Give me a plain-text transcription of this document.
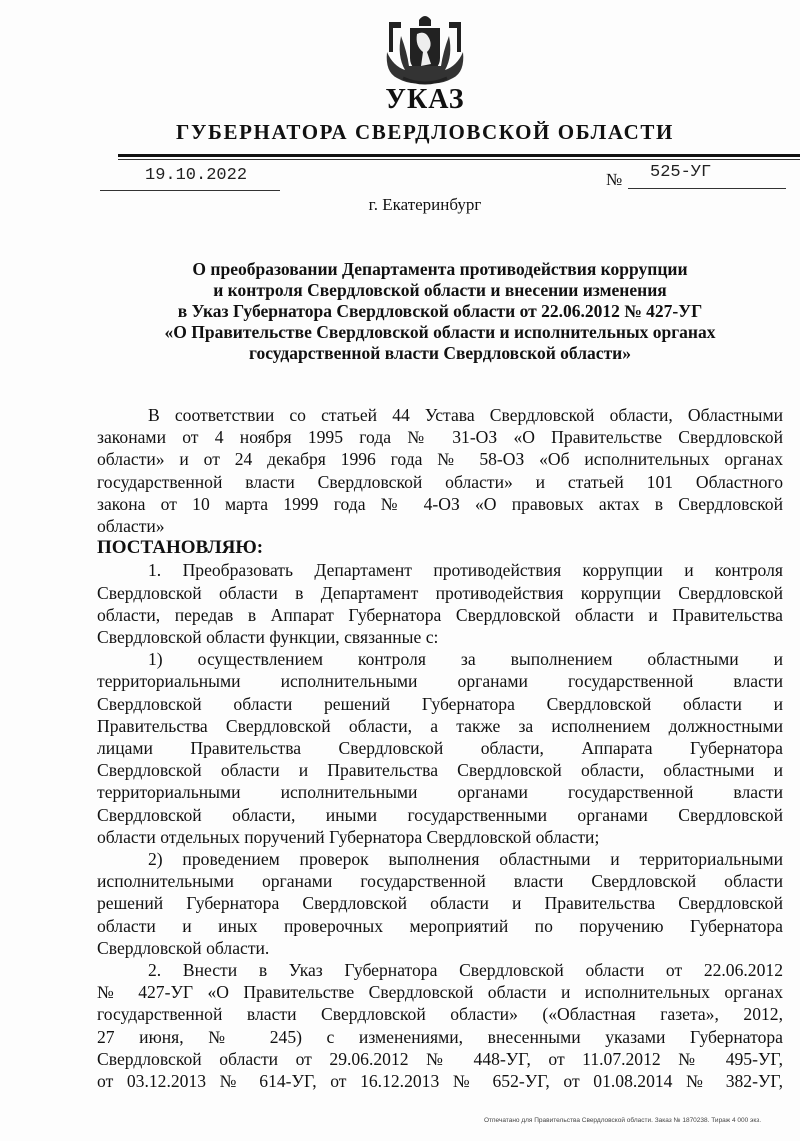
УКАЗ
ГУБЕРНАТОРА СВЕРДЛОВСКОЙ ОБЛАСТИ
19.10.2022	№ 525-УГ
г. Екатеринбург
О преобразовании Департамента противодействия коррупции
и контроля Свердловской области и внесении изменения
в Указ Губернатора Свердловской области от 22.06.2012 № 427-УГ
«О Правительстве Свердловской области и исполнительных органах
государственной власти Свердловской области»
В соответствии со статьей 44 Устава Свердловской области, Областными
законами от 4 ноября 1995 года № 31-ОЗ «О Правительстве Свердловской
области» и от 24 декабря 1996 года № 58-ОЗ «Об исполнительных органах
государственной власти Свердловской области» и статьей 101 Областного
закона от 10 марта 1999 года № 4-ОЗ «О правовых актах в Свердловской
области»
ПОСТАНОВЛЯЮ:
1. Преобразовать Департамент противодействия коррупции и контроля
Свердловской области в Департамент противодействия коррупции Свердловской
области, передав в Аппарат Губернатора Свердловской области и Правительства
Свердловской области функции, связанные с:
1) осуществлением контроля за выполнением областными и
территориальными исполнительными органами государственной власти
Свердловской области решений Губернатора Свердловской области и
Правительства Свердловской области, а также за исполнением должностными
лицами Правительства Свердловской области, Аппарата Губернатора
Свердловской области и Правительства Свердловской области, областными и
территориальными исполнительными органами государственной власти
Свердловской области, иными государственными органами Свердловской
области отдельных поручений Губернатора Свердловской области;
2) проведением проверок выполнения областными и территориальными
исполнительными органами государственной власти Свердловской области
решений Губернатора Свердловской области и Правительства Свердловской
области и иных проверочных мероприятий по поручению Губернатора
Свердловской области.
2. Внести в Указ Губернатора Свердловской области от 22.06.2012
№ 427-УГ «О Правительстве Свердловской области и исполнительных органах
государственной власти Свердловской области» («Областная газета», 2012,
27 июня, № 245) с изменениями, внесенными указами Губернатора
Свердловской области от 29.06.2012 № 448-УГ, от 11.07.2012 № 495-УГ,
от 03.12.2013 № 614-УГ, от 16.12.2013 № 652-УГ, от 01.08.2014 № 382-УГ,
Отпечатано для Правительства Свердловской области. Заказ № 1870238. Тираж 4 000 экз.
